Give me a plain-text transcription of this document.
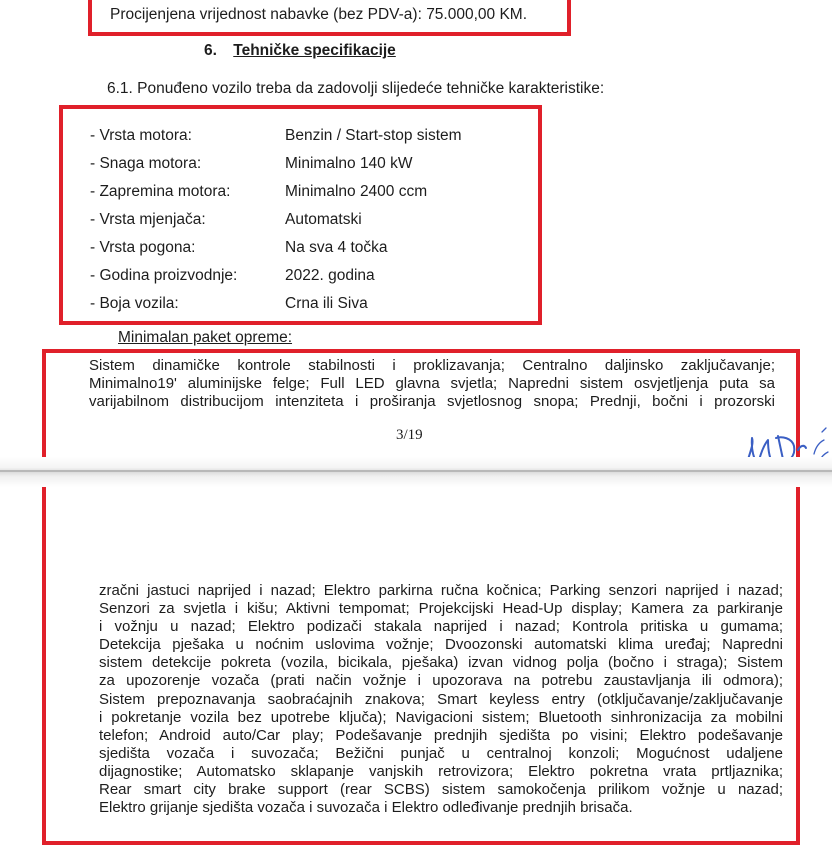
Procijenjena vrijednost nabavke (bez PDV-a): 75.000,00 KM.
6. Tehničke specifikacije
6.1. Ponuđeno vozilo treba da zadovolji slijedeće tehničke karakteristike:
- Vrsta motora:	Benzin / Start-stop sistem
- Snaga motora:	Minimalno 140 kW
- Zapremina motora:	Minimalno 2400 ccm
- Vrsta mjenjača:	Automatski
- Vrsta pogona:	Na sva 4 točka
- Godina proizvodnje:	2022. godina
- Boja vozila:	Crna ili Siva
Minimalan paket opreme:
Sistem dinamičke kontrole stabilnosti i proklizavanja; Centralno daljinsko zaključavanje;
Minimalno19' aluminijske felge; Full LED glavna svjetla; Napredni sistem osvjetljenja puta sa
varijabilnom distribucijom intenziteta i proširanja svjetlosnog snopa; Prednji, bočni i prozorski
3/19
zračni jastuci naprijed i nazad; Elektro parkirna ručna kočnica; Parking senzori naprijed i nazad;
Senzori za svjetla i kišu; Aktivni tempomat; Projekcijski Head-Up display; Kamera za parkiranje
i vožnju u nazad; Elektro podizači stakala naprijed i nazad; Kontrola pritiska u gumama;
Detekcija pješaka u noćnim uslovima vožnje; Dvoozonski automatski klima uređaj; Napredni
sistem detekcije pokreta (vozila, bicikala, pješaka) izvan vidnog polja (bočno i straga); Sistem
za upozorenje vozača (prati način vožnje i upozorava na potrebu zaustavljanja ili odmora);
Sistem prepoznavanja saobraćajnih znakova; Smart keyless entry (otključavanje/zaključavanje
i pokretanje vozila bez upotrebe ključa); Navigacioni sistem; Bluetooth sinhronizacija za mobilni
telefon; Android auto/Car play; Podešavanje prednjih sjedišta po visini; Elektro podešavanje
sjedišta vozača i suvozača; Bežični punjač u centralnoj konzoli; Mogućnost udaljene
dijagnostike; Automatsko sklapanje vanjskih retrovizora; Elektro pokretna vrata prtljaznika;
Rear smart city brake support (rear SCBS) sistem samokočenja prilikom vožnje u nazad;
Elektro grijanje sjedišta vozača i suvozača i Elektro odleđivanje prednjih brisača.
